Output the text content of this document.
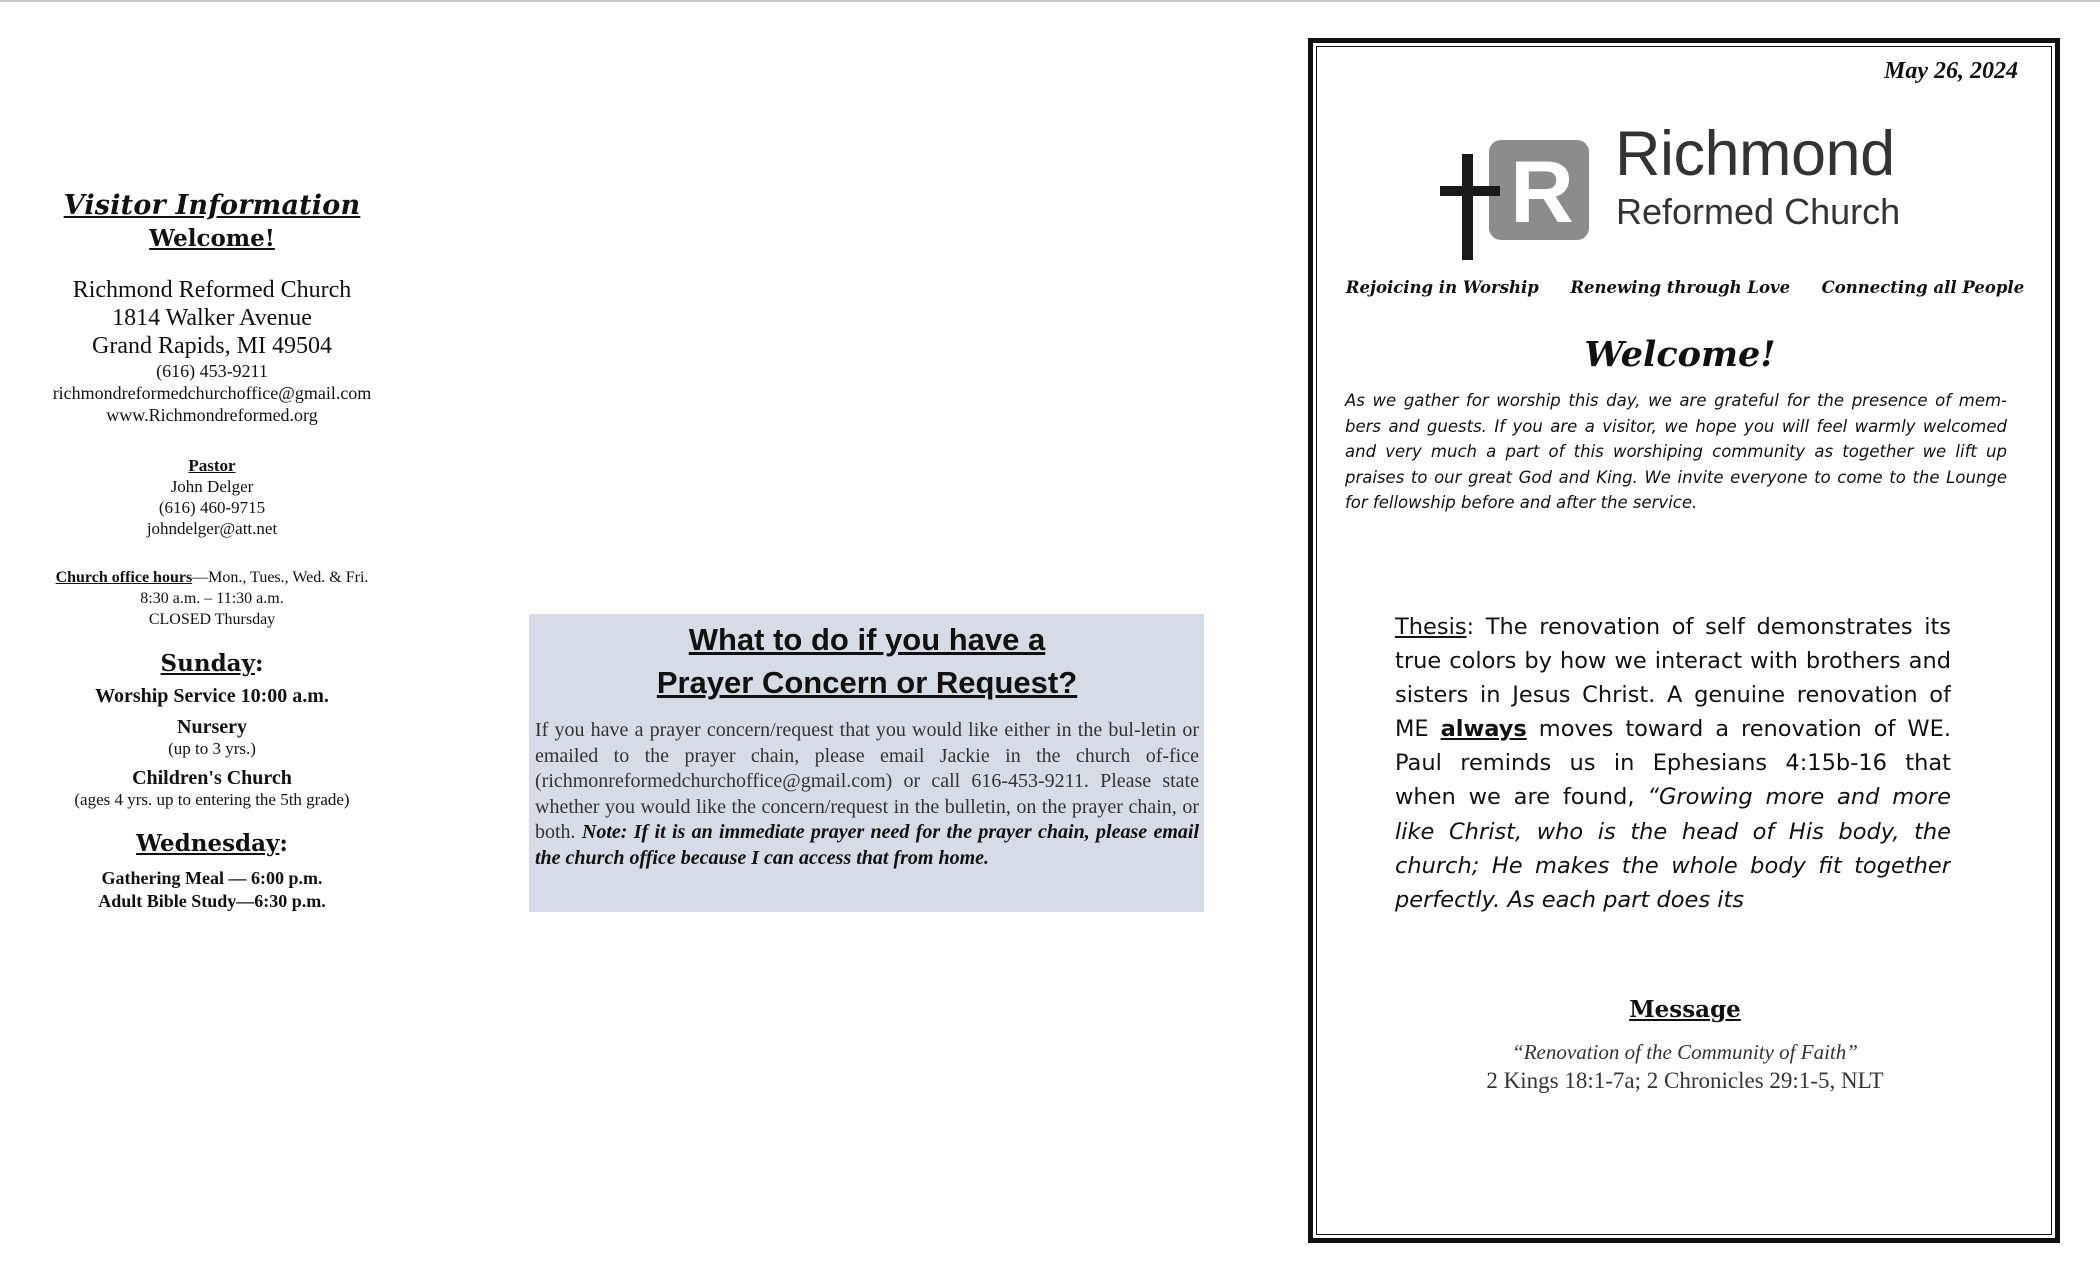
Visitor Information
Welcome!
Richmond Reformed Church
1814 Walker Avenue
Grand Rapids, MI 49504
(616) 453-9211
richmondreformedchurchoffice@gmail.com
www.Richmondreformed.org
Pastor
John Delger
(616) 460-9715
johndelger@att.net
Church office hours—Mon., Tues., Wed. & Fri.
8:30 a.m. – 11:30 a.m.
CLOSED Thursday
Sunday:
Worship Service 10:00 a.m.
Nursery
(up to 3 yrs.)
Children's Church
(ages 4 yrs. up to entering the 5th grade)
Wednesday:
Gathering Meal — 6:00 p.m.
Adult Bible Study—6:30 p.m.
What to do if you have a
Prayer Concern or Request?

If you have a prayer concern/request that you would like either in the bul-letin or emailed to the prayer chain, please email Jackie in the church of-fice (richmonreformedchurchoffice@gmail.com) or call 616-453-9211. Please state whether you would like the concern/request in the bulletin, on the prayer chain, or both. Note: If it is an immediate prayer need for the prayer chain, please email the church office because I can access that from home.

May 26, 2024
R Richmond
Reformed Church
Rejoicing in Worship Renewing through Love Connecting all People
Welcome!

As we gather for worship this day, we are grateful for the presence of mem-bers and guests. If you are a visitor, we hope you will feel warmly welcomed and very much a part of this worshiping community as together we lift up praises to our great God and King. We invite everyone to come to the Lounge for fellowship before and after the service.

Thesis: The renovation of self demonstrates its true colors by how we interact with brothers and sisters in Jesus Christ. A genuine renovation of ME always moves toward a renovation of WE. Paul reminds us in Ephesians 4:15b-16 that when we are found, “Growing more and more like Christ, who is the head of His body, the church; He makes the whole body fit together perfectly. As each part does its

Message
“Renovation of the Community of Faith”
2 Kings 18:1-7a; 2 Chronicles 29:1-5, NLT
